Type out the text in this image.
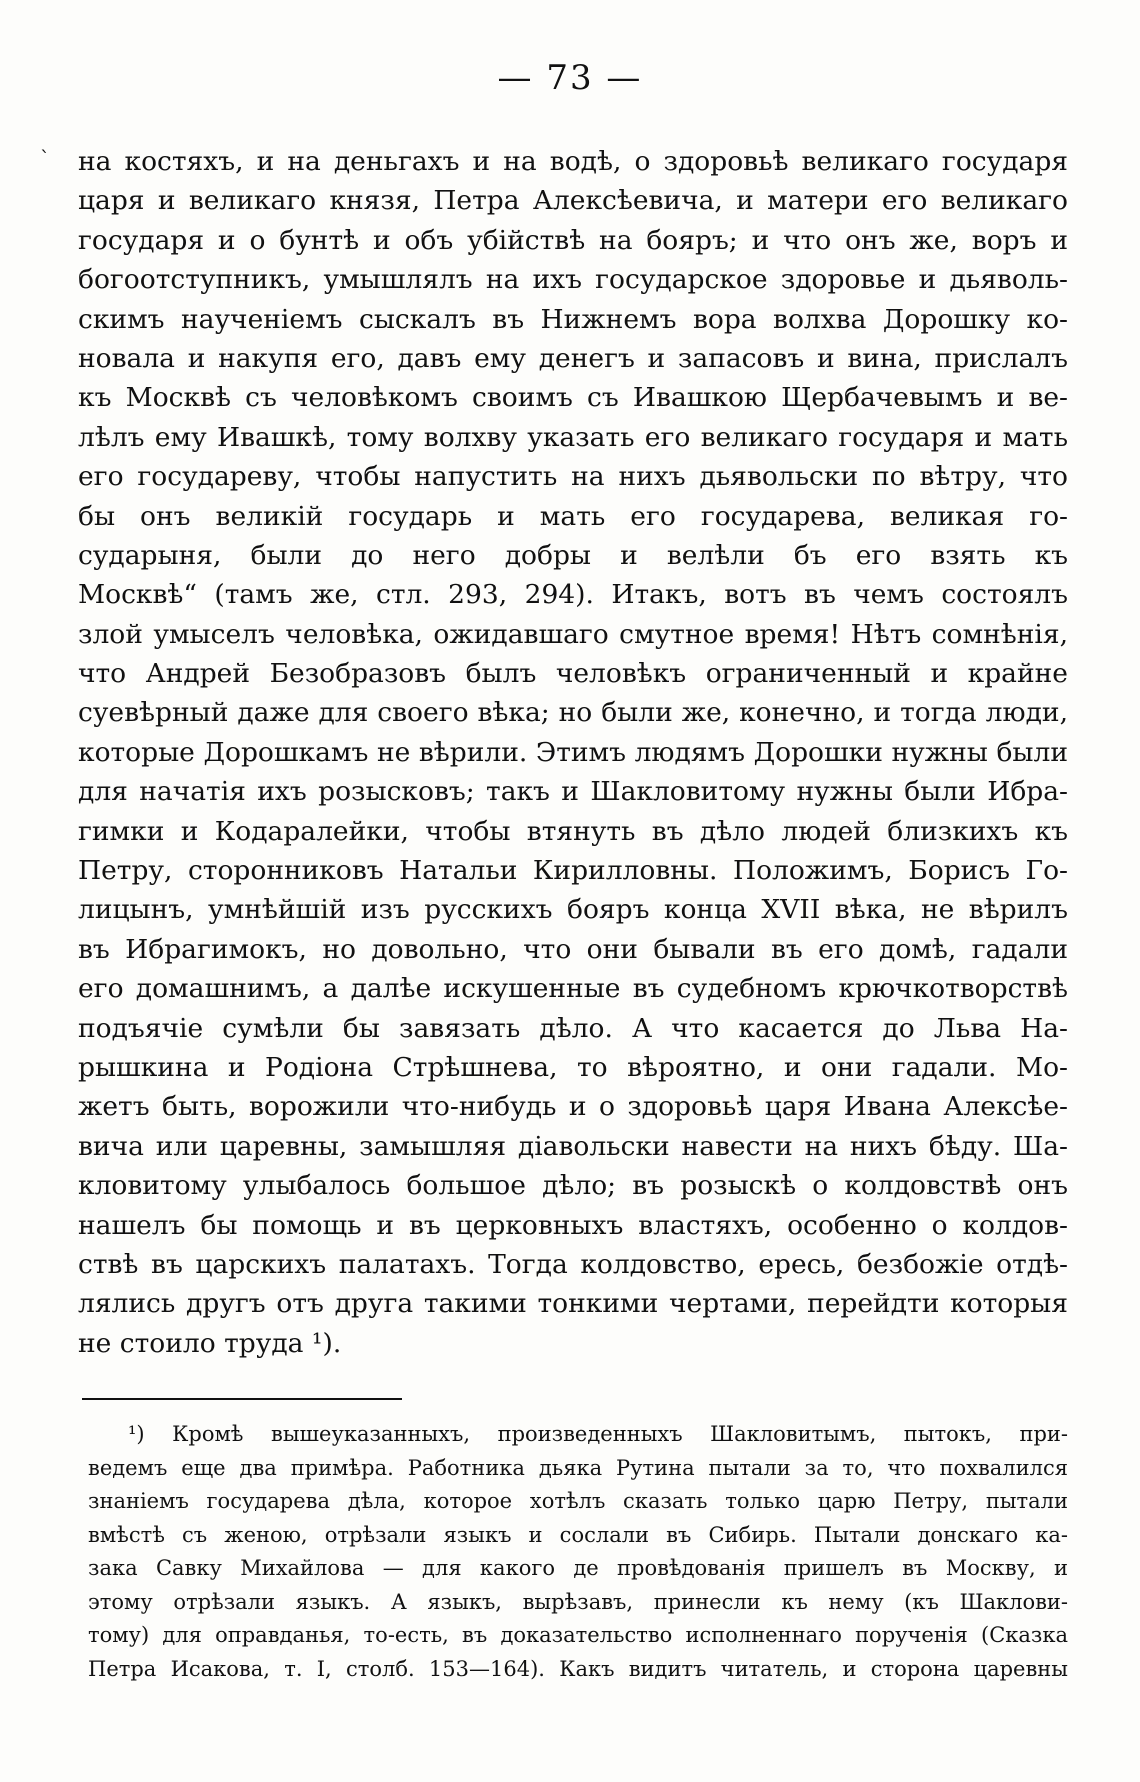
— 73 —
` на костяхъ, и на деньгахъ и на водѣ, о здоровьѣ великаго государя
царя и великаго князя, Петра Алексѣевича, и матери его великаго
государя и о бунтѣ и объ убійствѣ на бояръ; и что онъ же, воръ и
богоотступникъ, умышлялъ на ихъ государское здоровье и дьяволь-
скимъ наученіемъ сыскалъ въ Нижнемъ вора волхва Дорошку ко-
новала и накупя его, давъ ему денегъ и запасовъ и вина, прислалъ
къ Москвѣ съ человѣкомъ своимъ съ Ивашкою Щербачевымъ и ве-
лѣлъ ему Ивашкѣ, тому волхву указать его великаго государя и мать
его государеву, чтобы напустить на нихъ дьявольски по вѣтру, что
бы онъ великій государь и мать его государева, великая го-
сударыня, были до него добры и велѣли бъ его взять къ
Москвѣ“ (тамъ же, стл. 293, 294). Итакъ, вотъ въ чемъ состоялъ
злой умыселъ человѣка, ожидавшаго смутное время! Нѣтъ сомнѣнія,
что Андрей Безобразовъ былъ человѣкъ ограниченный и крайне
суевѣрный даже для своего вѣка; но были же, конечно, и тогда люди,
которые Дорошкамъ не вѣрили. Этимъ людямъ Дорошки нужны были
для начатія ихъ розысковъ; такъ и Шакловитому нужны были Ибра-
гимки и Кодаралейки, чтобы втянуть въ дѣло людей близкихъ къ
Петру, сторонниковъ Натальи Кирилловны. Положимъ, Борисъ Го-
лицынъ, умнѣйшій изъ русскихъ бояръ конца XVII вѣка, не вѣрилъ
въ Ибрагимокъ, но довольно, что они бывали въ его домѣ, гадали
его домашнимъ, а далѣе искушенные въ судебномъ крючкотворствѣ
подъячіе сумѣли бы завязать дѣло. А что касается до Льва На-
рышкина и Родіона Стрѣшнева, то вѣроятно, и они гадали. Мо-
жетъ быть, ворожили что-нибудь и о здоровьѣ царя Ивана Алексѣе-
вича или царевны, замышляя діавольски навести на нихъ бѣду. Ша-
кловитому улыбалось большое дѣло; въ розыскѣ о колдовствѣ онъ
нашелъ бы помощь и въ церковныхъ властяхъ, особенно о колдов-
ствѣ въ царскихъ палатахъ. Тогда колдовство, ересь, безбожіе отдѣ-
лялись другъ отъ друга такими тонкими чертами, перейдти которыя
не стоило труда ¹).
¹) Кромѣ вышеуказанныхъ, произведенныхъ Шакловитымъ, пытокъ, при-
ведемъ еще два примѣра. Работника дьяка Рутина пытали за то, что похвалился
знаніемъ государева дѣла, которое хотѣлъ сказать только царю Петру, пытали
вмѣстѣ съ женою, отрѣзали языкъ и сослали въ Сибирь. Пытали донскаго ка-
зака Савку Михайлова — для какого де провѣдованія пришелъ въ Москву, и
этому отрѣзали языкъ. А языкъ, вырѣзавъ, принесли къ нему (къ Шаклови-
тому) для оправданья, то-есть, въ доказательство исполненнаго порученія (Сказка
Петра Исакова, т. I, столб. 153—164). Какъ видитъ читатель, и сторона царевны
